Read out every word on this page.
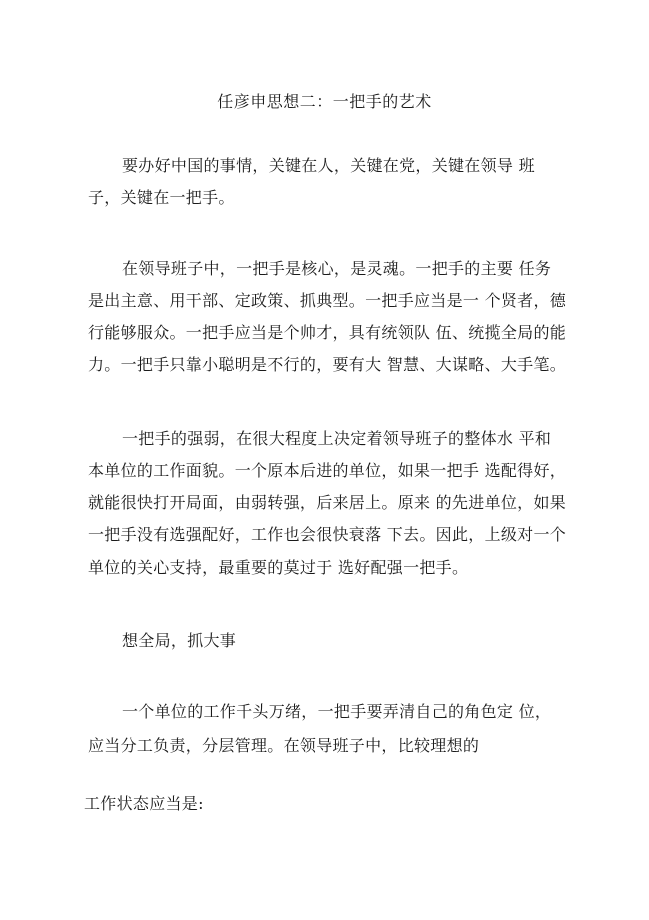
任彦申思想二：一把手的艺术
要办好中国的事情，关键在人，关键在党，关键在领导 班
子，关键在一把手。
在领导班子中，一把手是核心，是灵魂。一把手的主要 任务
是出主意、用干部、定政策、抓典型。一把手应当是一 个贤者，德
行能够服众。一把手应当是个帅才，具有统领队 伍、统揽全局的能
力。一把手只靠小聪明是不行的，要有大 智慧、大谋略、大手笔。
一把手的强弱，在很大程度上决定着领导班子的整体水 平和
本单位的工作面貌。一个原本后进的单位，如果一把手 选配得好，
就能很快打开局面，由弱转强，后来居上。原来 的先进单位，如果
一把手没有选强配好，工作也会很快衰落 下去。因此，上级对一个
单位的关心支持，最重要的莫过于 选好配强一把手。
想全局，抓大事
一个单位的工作千头万绪，一把手要弄清自己的角色定 位，
应当分工负责，分层管理。在领导班子中，比较理想的
工作状态应当是:
